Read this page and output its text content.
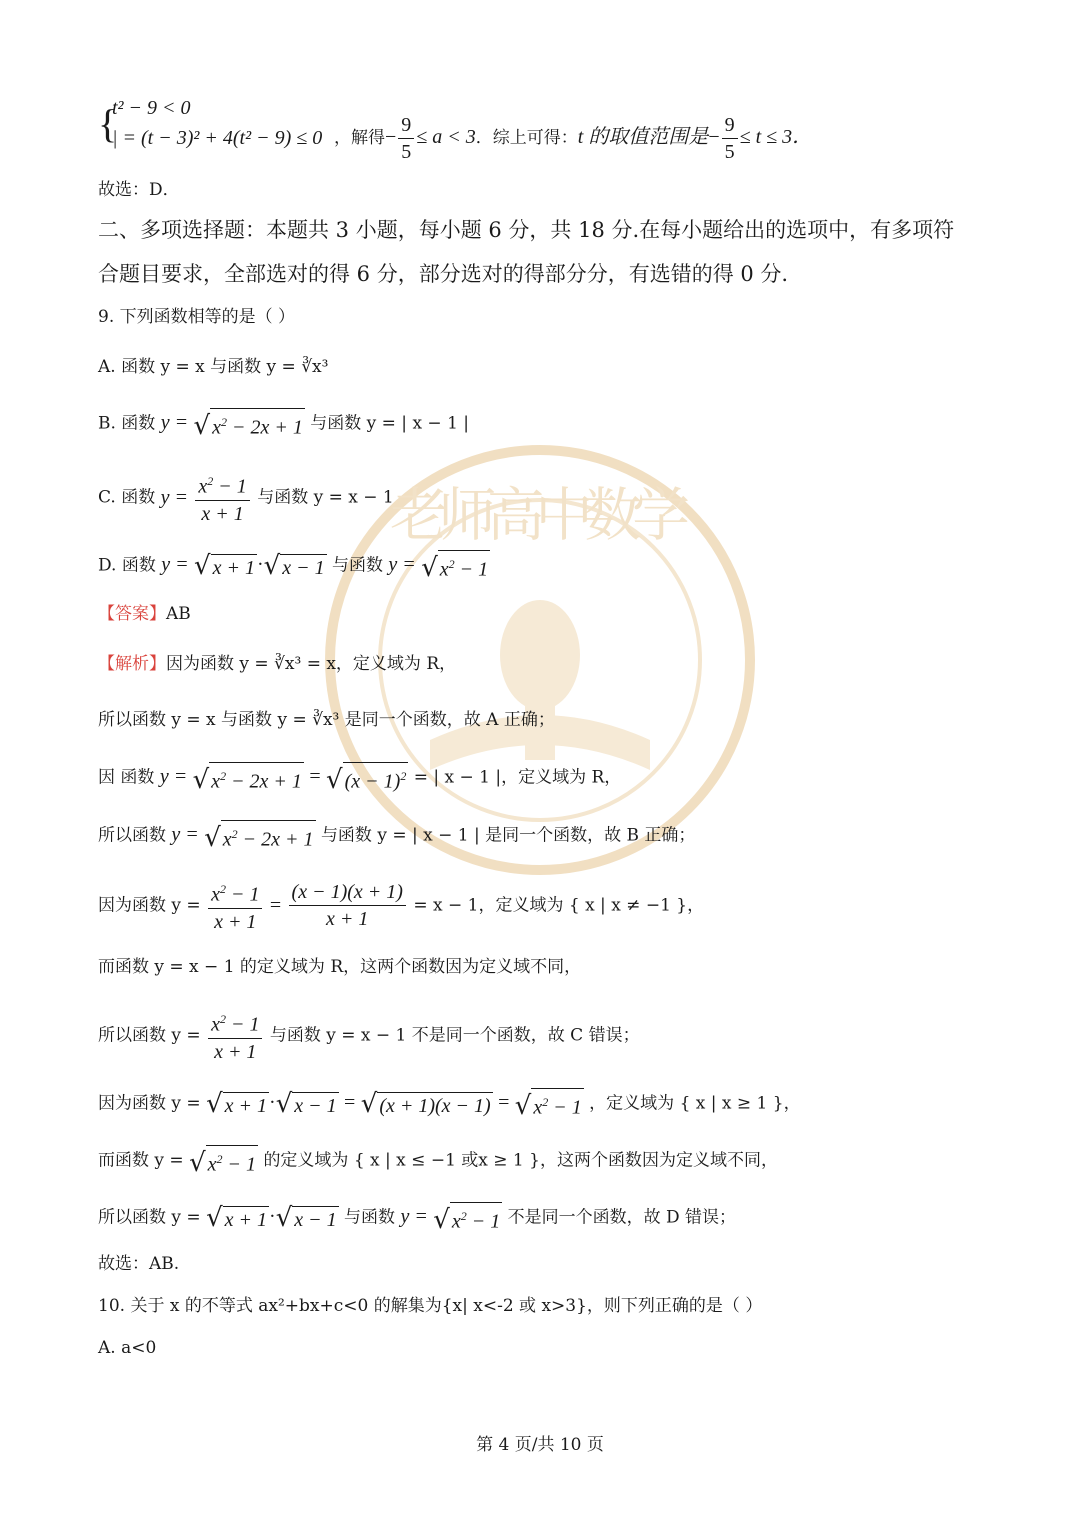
老 师 高 中 数 学
{
t² − 9 < 0
| = (t − 3)² + 4(t² − 9) ≤ 0 ，解得− $\frac{9}{5} \le a < 3$．综上可得：t 的取值范围是− $\frac{9}{5} \le t \le 3$．
故选：D．
二、多项选择题：本题共 3 小题，每小题 6 分，共 18 分.在每小题给出的选项中，有多项符
合题目要求，全部选对的得 6 分，部分选对的得部分分，有选错的得 0 分.
9. 下列函数相等的是（ ）
A. 函数 y = x 与函数 y = ∛x³
B. 函数 y = √ $x^2 - 2x + 1$ 与函数 y = | x − 1 |
C. 函数 $y = \frac{x^2 - 1}{x + 1}$ 与函数 y = x − 1
D. 函数 y = √ x + 1 · √ x − 1 与函数 y = √ $x^2 - 1$
【答案】AB
【解析】因为函数 y = ∛x³ = x，定义域为 R，
所以函数 y = x 与函数 y = ∛x³ 是同一个函数，故 A 正确；
因 函数 y = √ $x^2 - 2x + 1$ = √ $(x - 1)^2$ = | x − 1 |，定义域为 R，
所以函数 y = √ $x^2 - 2x + 1$ 与函数 y = | x − 1 | 是同一个函数，故 B 正确；
因为函数 $y = \frac{x^2 - 1}{x + 1} = \frac{(x - 1)(x + 1)}{x + 1} = x - 1$，定义域为 { x | x ≠ −1 }，
而函数 y = x − 1 的定义域为 R，这两个函数因为定义域不同，
所以函数 $y = \frac{x^2 - 1}{x + 1}$ 与函数 y = x − 1 不是同一个函数，故 C 错误；
因为函数 y = √ x + 1 · √ x − 1 = √ (x + 1)(x − 1) = √ $x^2 - 1$ ，定义域为 { x | x ≥ 1 }，
而函数 y = √ $x^2 - 1$ 的定义域为 { x | x ≤ −1 或x ≥ 1 }，这两个函数因为定义域不同，
所以函数 y = √ x + 1 · √ x − 1 与函数 y = √ $x^2 - 1$ 不是同一个函数，故 D 错误；
故选：AB.
10. 关于 x 的不等式 ax²+bx+c<0 的解集为{x| x<-2 或 x>3}，则下列正确的是（ ）
A. a<0
第 4 页/共 10 页
